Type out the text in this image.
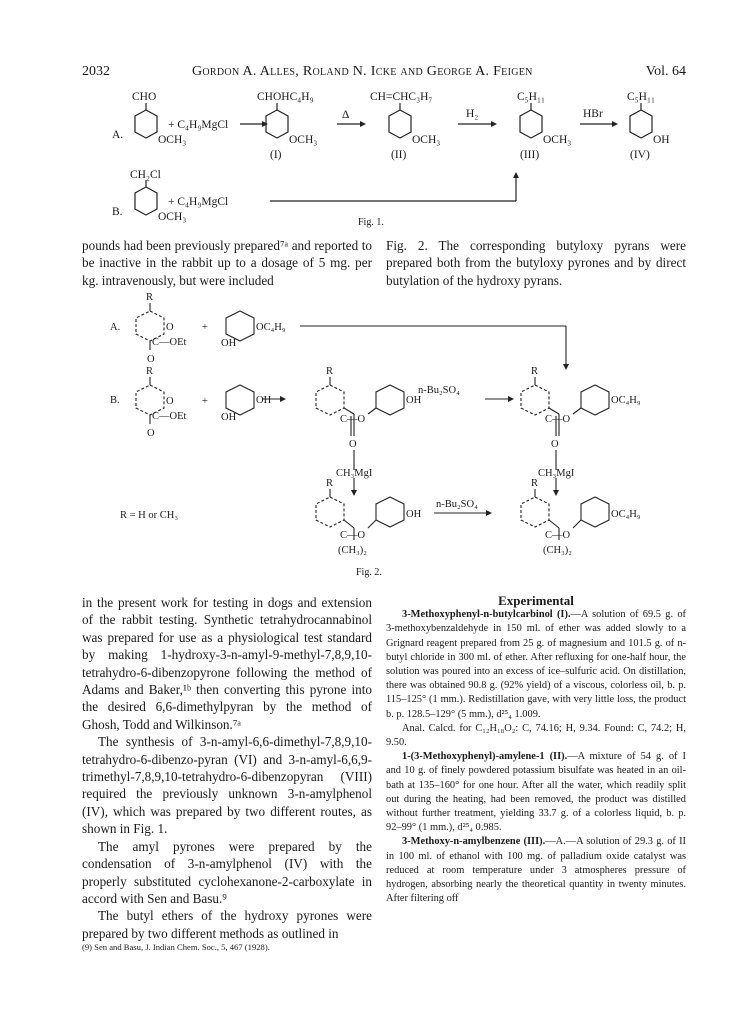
2032	Gordon A. Alles, Roland N. Icke and George A. Feigen	Vol. 64
CHO	CHOHC₄H₉	CH=CHC₃H₇	C₅H₁₁	C₅H₁₁
A.
B.
+ C₄H₉MgCl
+ C₄H₉MgCl
OCH₃	OCH₃	OCH₃	OCH₃	OH
OCH₃
CH₂Cl
Δ	H₂	HBr
(I)	(II)	(III)	(IV)
Fig. 1.

pounds had been previously prepared⁷ᵃ and reported to be inactive in the rabbit up to a dosage of 5 mg. per kg. intravenously, but were included

Fig. 2. The corresponding butyloxy pyrans were prepared both from the butyloxy pyrones and by direct butylation of the hydroxy pyrans.

A.
B.
R
R	R	R
R	R
O
O
+
+
C—OEt
C—OEt
O
O
OC₄H₉
OH
OH
OH
OH	OC₄H₉
C—O	C—O
O	O
n-Bu₂SO₄
CH₃MgI	CH₃MgI
OH	OC₄H₉
C—O	C—O
(CH₃)₂	(CH₃)₂
n-Bu₂SO₄
R = H or CH₃
Fig. 2.

in the present work for testing in dogs and extension of the rabbit testing. Synthetic tetrahydrocannabinol was prepared for use as a physiological test standard by making 1-hydroxy-3-n-amyl-9-methyl-7,8,9,10-tetrahydro-6-dibenzopyrone following the method of Adams and Baker,¹ᵇ then converting this pyrone into the desired 6,6-dimethylpyran by the method of Ghosh, Todd and Wilkinson.⁷ᵃ

The synthesis of 3-n-amyl-6,6-dimethyl-7,8,9,10-tetrahydro-6-dibenzo-pyran (VI) and 3-n-amyl-6,6,9-trimethyl-7,8,9,10-tetrahydro-6-dibenzopyran (VIII) required the previously unknown 3-n-amylphenol (IV), which was prepared by two different routes, as shown in Fig. 1.

The amyl pyrones were prepared by the condensation of 3-n-amylphenol (IV) with the properly substituted cyclohexanone-2-carboxylate in accord with Sen and Basu.⁹

The butyl ethers of the hydroxy pyrones were prepared by two different methods as outlined in

(9) Sen and Basu, J. Indian Chem. Soc., 5, 467 (1928).

Experimental

3-Methoxyphenyl-n-butylcarbinol (I).—A solution of 69.5 g. of 3-methoxybenzaldehyde in 150 ml. of ether was added slowly to a Grignard reagent prepared from 25 g. of magnesium and 101.5 g. of n-butyl chloride in 300 ml. of ether. After refluxing for one-half hour, the solution was poured into an excess of ice–sulfuric acid. On distillation, there was obtained 90.8 g. (92% yield) of a viscous, colorless oil, b. p. 115–125° (1 mm.). Redistillation gave, with very little loss, the product b. p. 128.5–129° (5 mm.), d²⁵₄ 1.009.

Anal. Calcd. for C₁₂H₁₈O₂: C, 74.16; H, 9.34. Found: C, 74.2; H, 9.50.

1-(3-Methoxyphenyl)-amylene-1 (II).—A mixture of 54 g. of I and 10 g. of finely powdered potassium bisulfate was heated in an oil-bath at 135–160° for one hour. After all the water, which readily split out during the heating, had been removed, the product was distilled without further treatment, yielding 33.7 g. of a colorless liquid, b. p. 92–99° (1 mm.), d²⁵₄ 0.985.

3-Methoxy-n-amylbenzene (III).—A.—A solution of 29.3 g. of II in 100 ml. of ethanol with 100 mg. of palladium oxide catalyst was reduced at room temperature under 3 atmospheres pressure of hydrogen, absorbing nearly the theoretical quantity in twenty minutes. After filtering off
